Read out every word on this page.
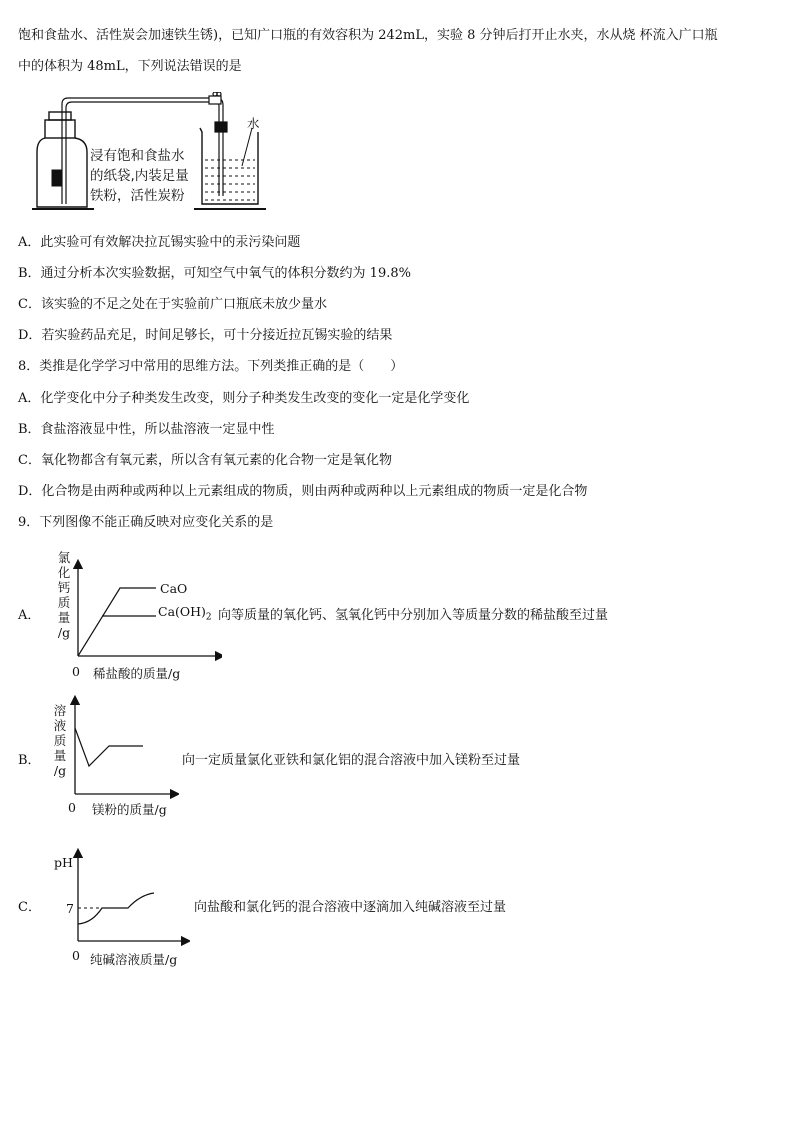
饱和食盐水、活性炭会加速铁生锈)，已知广口瓶的有效容积为 242mL，实验 8 分钟后打开止水夹，水从烧 杯流入广口瓶
中的体积为 48mL，下列说法错误的是
水
浸有饱和食盐水
的纸袋,内装足量
铁粉，活性炭粉
A．此实验可有效解决拉瓦锡实验中的汞污染问题
B．通过分析本次实验数据，可知空气中氧气的体积分数约为 19.8%
C．该实验的不足之处在于实验前广口瓶底未放少量水
D．若实验药品充足，时间足够长，可十分接近拉瓦锡实验的结果
8．类推是化学学习中常用的思维方法。下列类推正确的是（　　）
A．化学变化中分子种类发生改变，则分子种类发生改变的变化一定是化学变化
B．食盐溶液显中性，所以盐溶液一定显中性
C．氧化物都含有氧元素，所以含有氧元素的化合物一定是氧化物
D．化合物是由两种或两种以上元素组成的物质，则由两种或两种以上元素组成的物质一定是化合物
9．下列图像不能正确反映对应变化关系的是
A．
氯
化
钙
质
量
/g
0 稀盐酸的质量/g
CaO
$Ca(OH)_2$ 向等质量的氧化钙、氢氧化钙中分别加入等质量分数的稀盐酸至过量
B．
溶
液
质
量
/g
0 镁粉的质量/g
向一定质量氯化亚铁和氯化铝的混合溶液中加入镁粉至过量
C．
pH
7
0 纯碱溶液质量/g
向盐酸和氯化钙的混合溶液中逐滴加入纯碱溶液至过量
